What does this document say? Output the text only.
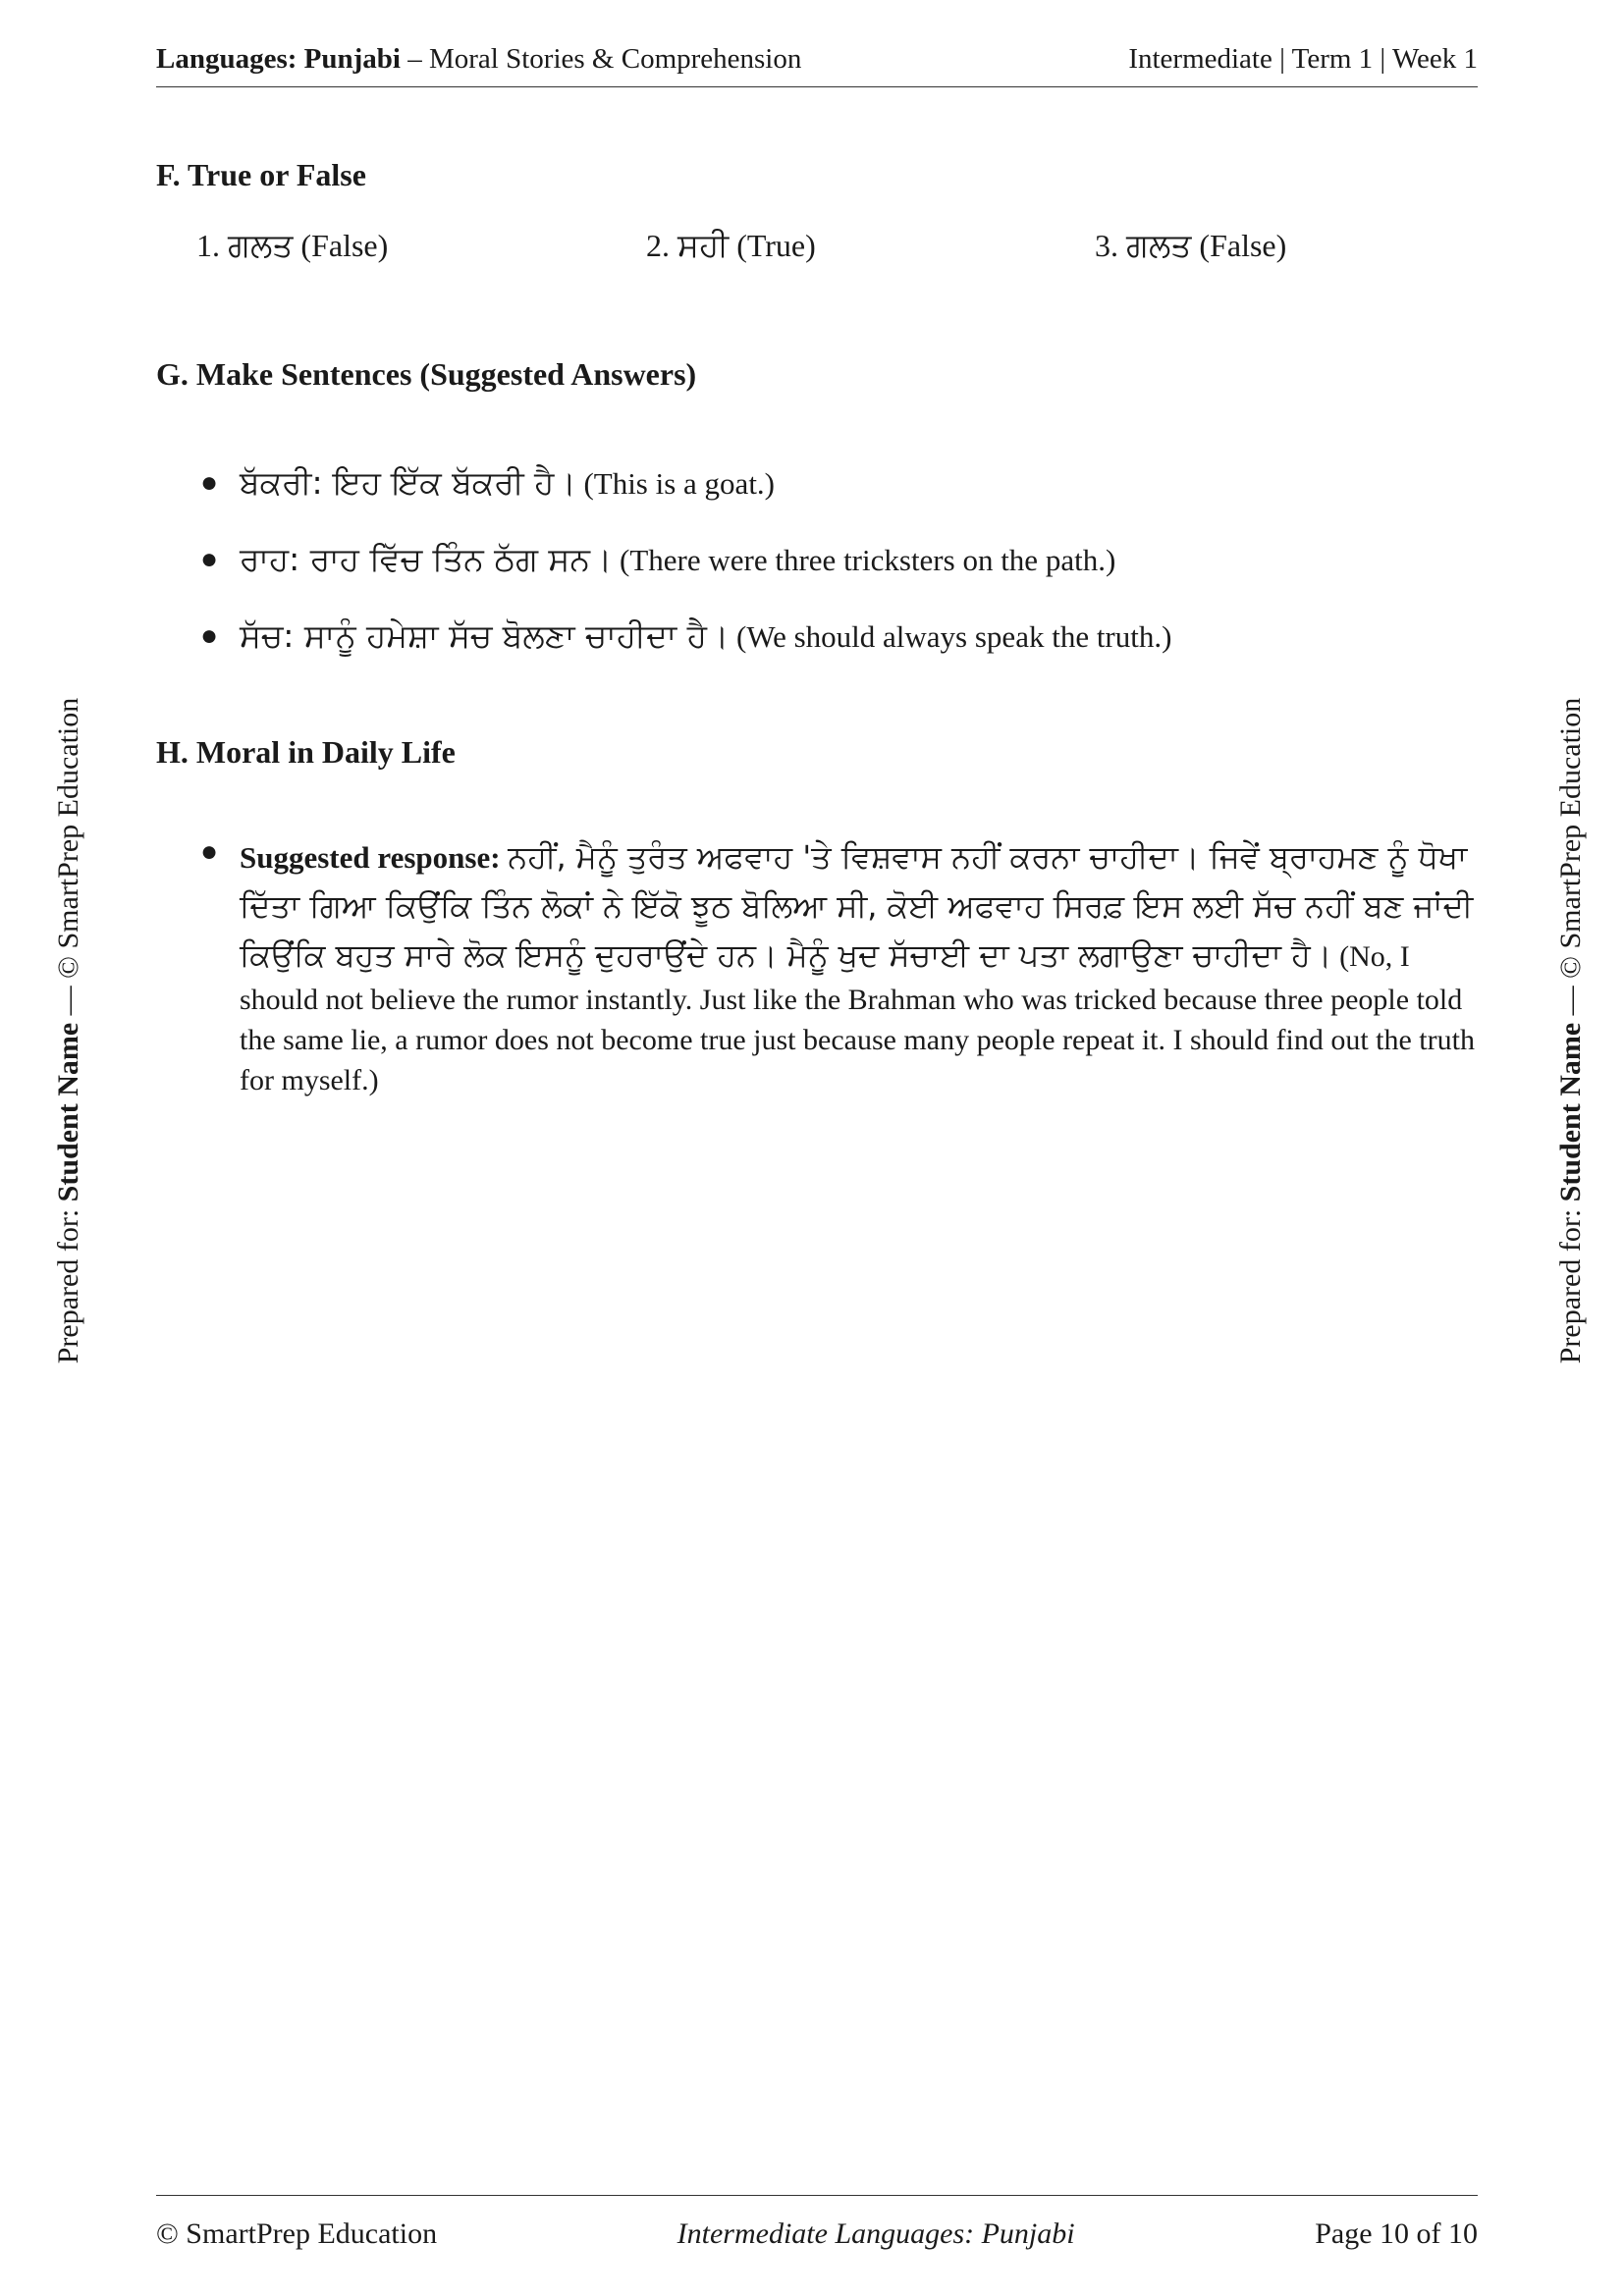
Languages: Punjabi – Moral Stories & Comprehension	Intermediate | Term 1 | Week 1
Prepared for: Student Name — © SmartPrep Education
Prepared for: Student Name — © SmartPrep Education
F. True or False
1. ਗਲਤ (False)	2. ਸਹੀ (True)	3. ਗਲਤ (False)
G. Make Sentences (Suggested Answers)
● ਬੱਕਰੀ: ਇਹ ਇੱਕ ਬੱਕਰੀ ਹੈ। (This is a goat.)
● ਰਾਹ: ਰਾਹ ਵਿੱਚ ਤਿੰਨ ਠੱਗ ਸਨ। (There were three tricksters on the path.)
● ਸੱਚ: ਸਾਨੂੰ ਹਮੇਸ਼ਾ ਸੱਚ ਬੋਲਣਾ ਚਾਹੀਦਾ ਹੈ। (We should always speak the truth.)
H. Moral in Daily Life
● Suggested response: ਨਹੀਂ, ਮੈਨੂੰ ਤੁਰੰਤ ਅਫਵਾਹ 'ਤੇ ਵਿਸ਼ਵਾਸ ਨਹੀਂ ਕਰਨਾ ਚਾਹੀਦਾ। ਜਿਵੇਂ ਬ੍ਰਾਹਮਣ ਨੂੰ ਧੋਖਾ ਦਿੱਤਾ ਗਿਆ ਕਿਉਂਕਿ ਤਿੰਨ ਲੋਕਾਂ ਨੇ ਇੱਕੋ ਝੂਠ ਬੋਲਿਆ ਸੀ, ਕੋਈ ਅਫਵਾਹ ਸਿਰਫ਼ ਇਸ ਲਈ ਸੱਚ ਨਹੀਂ ਬਣ ਜਾਂਦੀ ਕਿਉਂਕਿ ਬਹੁਤ ਸਾਰੇ ਲੋਕ ਇਸਨੂੰ ਦੁਹਰਾਉਂਦੇ ਹਨ। ਮੈਨੂੰ ਖੁਦ ਸੱਚਾਈ ਦਾ ਪਤਾ ਲਗਾਉਣਾ ਚਾਹੀਦਾ ਹੈ। (No, I should not believe the rumor instantly. Just like the Brahman who was tricked because three people told the same lie, a rumor does not become true just because many people repeat it. I should find out the truth for myself.)
© SmartPrep Education	Intermediate Languages: Punjabi	Page 10 of 10
